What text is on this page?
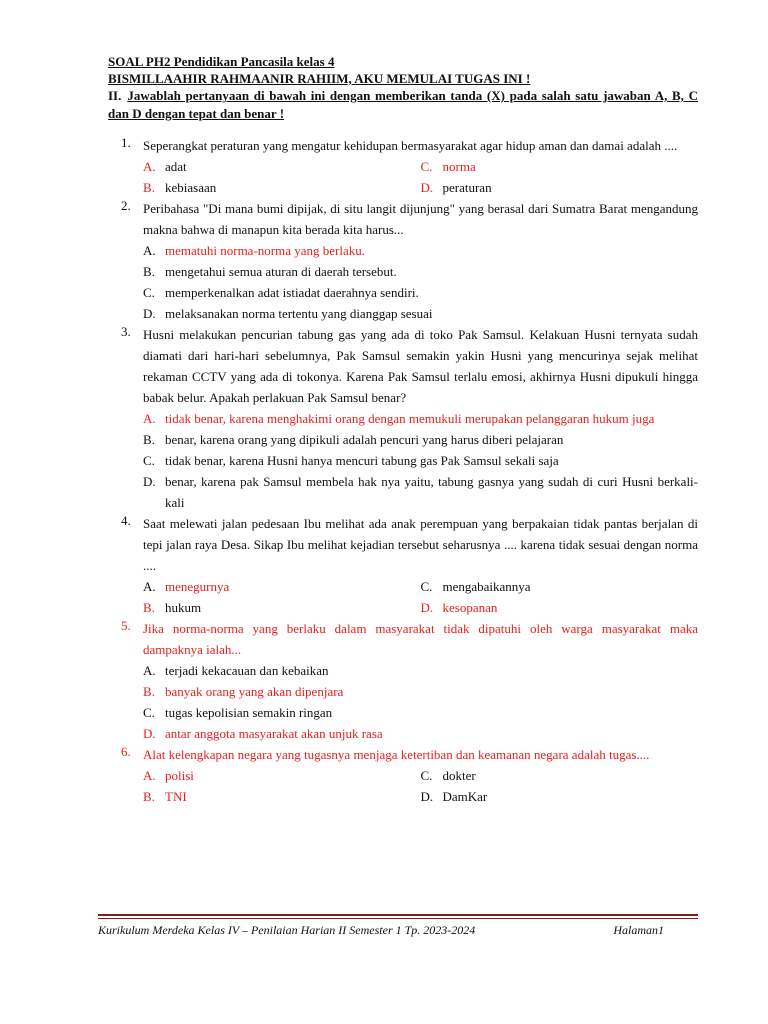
SOAL PH2 Pendidikan Pancasila kelas 4
BISMILLAAHIR RAHMAANIR RAHIIM, AKU MEMULAI TUGAS INI !
II. Jawablah pertanyaan di bawah ini dengan memberikan tanda (X) pada salah satu jawaban A, B, C dan D dengan tepat dan benar !
1. Seperangkat peraturan yang mengatur kehidupan bermasyarakat agar hidup aman dan damai adalah ....
A. adat	C. norma
B. kebiasaan	D. peraturan
2. Peribahasa "Di mana bumi dipijak, di situ langit dijunjung" yang berasal dari Sumatra Barat mengandung makna bahwa di manapun kita berada kita harus...
A. mematuhi norma-norma yang berlaku.
B. mengetahui semua aturan di daerah tersebut.
C. memperkenalkan adat istiadat daerahnya sendiri.
D. melaksanakan norma tertentu yang dianggap sesuai
3. Husni melakukan pencurian tabung gas yang ada di toko Pak Samsul. Kelakuan Husni ternyata sudah diamati dari hari-hari sebelumnya, Pak Samsul semakin yakin Husni yang mencurinya sejak melihat rekaman CCTV yang ada di tokonya. Karena Pak Samsul terlalu emosi, akhirnya Husni dipukuli hingga babak belur. Apakah perlakuan Pak Samsul benar?
A. tidak benar, karena menghakimi orang dengan memukuli merupakan pelanggaran hukum juga
B. benar, karena orang yang dipikuli adalah pencuri yang harus diberi pelajaran
C. tidak benar, karena Husni hanya mencuri tabung gas Pak Samsul sekali saja
D. benar, karena pak Samsul membela hak nya yaitu, tabung gasnya yang sudah di curi Husni berkali-kali
4. Saat melewati jalan pedesaan Ibu melihat ada anak perempuan yang berpakaian tidak pantas berjalan di tepi jalan raya Desa. Sikap Ibu melihat kejadian tersebut seharusnya .... karena tidak sesuai dengan norma ....
A. menegurnya	C. mengabaikannya
B. hukum	D. kesopanan
5. Jika norma-norma yang berlaku dalam masyarakat tidak dipatuhi oleh warga masyarakat maka dampaknya ialah...
A. terjadi kekacauan dan kebaikan
B. banyak orang yang akan dipenjara
C. tugas kepolisian semakin ringan
D. antar anggota masyarakat akan unjuk rasa
6. Alat kelengkapan negara yang tugasnya menjaga ketertiban dan keamanan negara adalah tugas....
A. polisi	C. dokter
B. TNI	D. DamKar
Kurikulum Merdeka Kelas IV – Penilaian Harian II Semester 1 Tp. 2023-2024	Halaman1
